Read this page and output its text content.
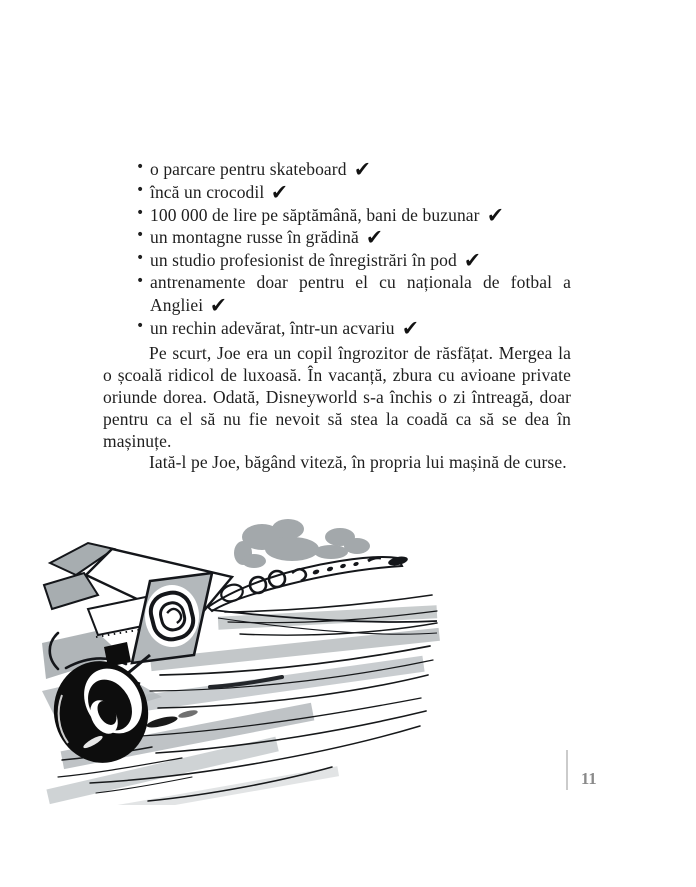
• o parcare pentru skateboard ✔
• încă un crocodil ✔
• 100 000 de lire pe săptămână, bani de buzunar ✔
• un montagne russe în grădină ✔
• un studio profesionist de înregistrări în pod ✔
• antrenamente doar pentru el cu naționala de fotbal a Angliei ✔
• un rechin adevărat, într-un acvariu ✔

Pe scurt, Joe era un copil îngrozitor de răsfățat. Mergea la o școală ridicol de luxoasă. În vacanță, zbura cu avioane private oriunde dorea. Odată, Disneyworld s-a închis o zi întreagă, doar pentru ca el să nu fie nevoit să stea la coadă ca să se dea în mașinuțe.

Iată-l pe Joe, băgând viteză, în propria lui mașină de curse.

11
